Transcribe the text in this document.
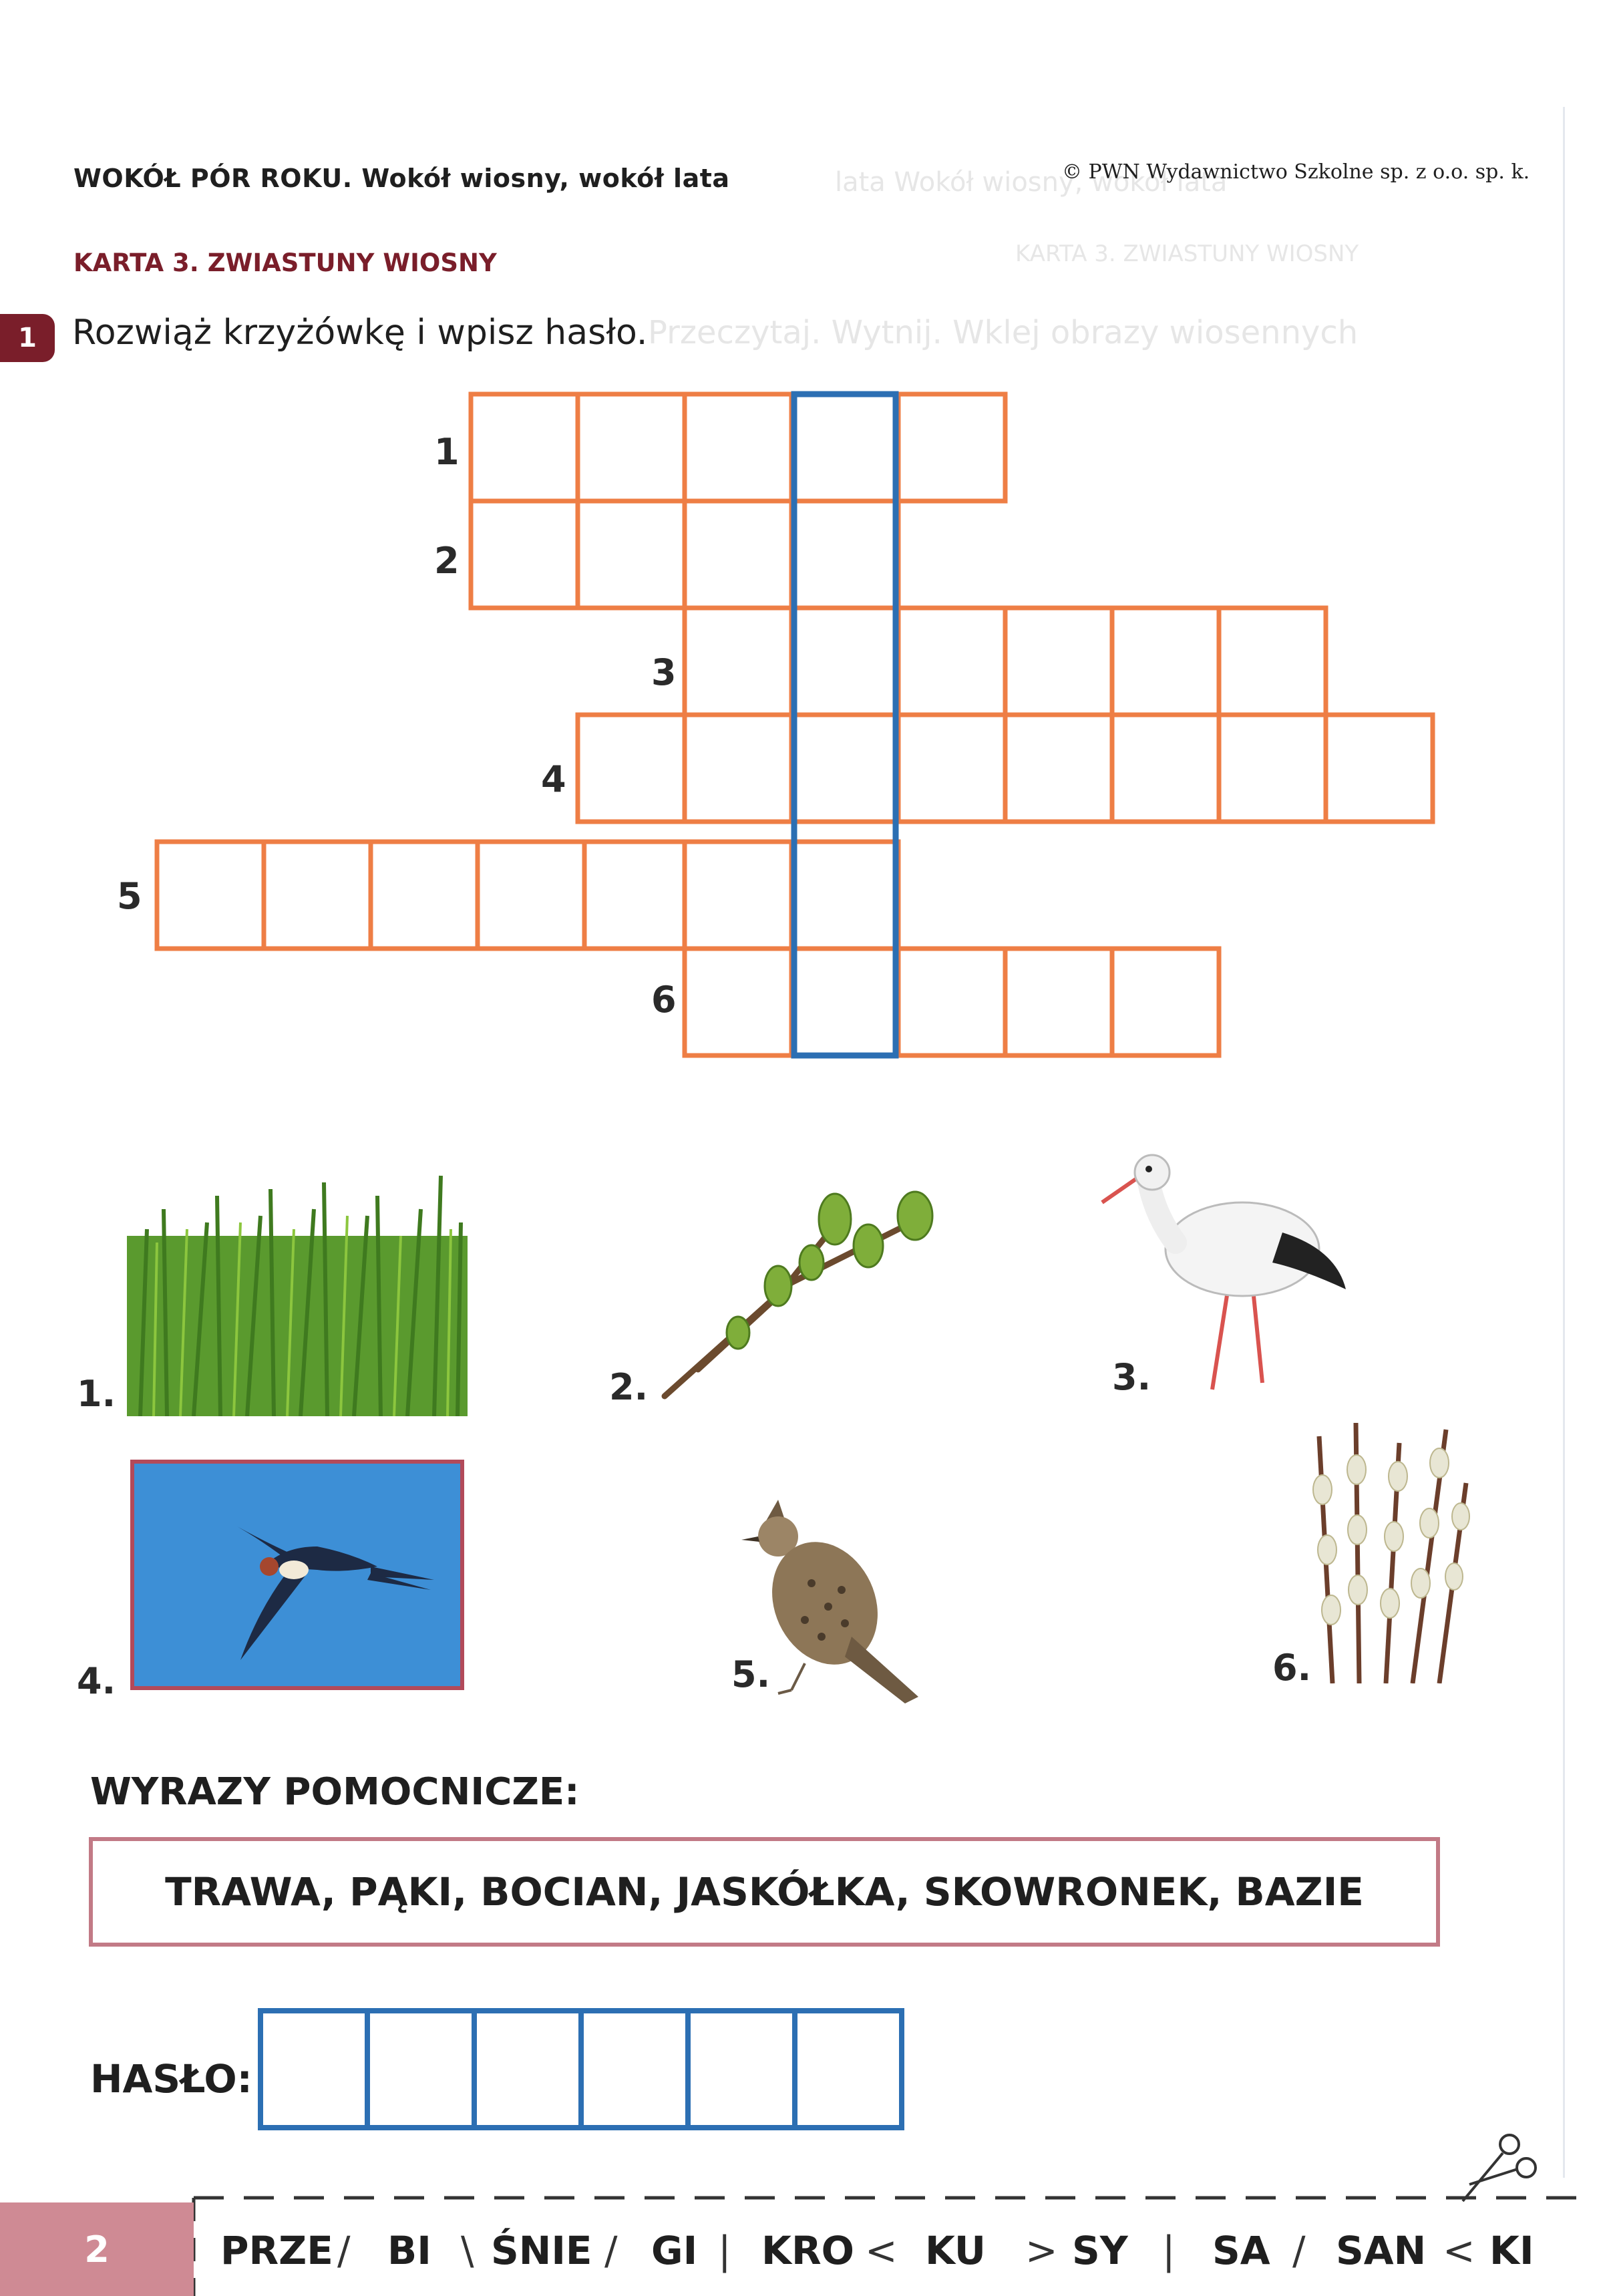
lata Wokół wiosny, wokół lata
KARTA 3. ZWIASTUNY WIOSNY
Przeczytaj. Wytnij. Wklej obrazy wiosennych
WOKÓŁ PÓR ROKU. Wokół wiosny, wokół lata	© PWN Wydawnictwo Szkolne sp. z o.o. sp. k.
KARTA 3. ZWIASTUNY WIOSNY
1	Rozwiąż krzyżówkę i wpisz hasło.
1
2
3
4
5
6
1.	2.	3.
4.	5.	6.
WYRAZY POMOCNICZE:
TRAWA, PĄKI, BOCIAN, JASKÓŁKA, SKOWRONEK, BAZIE
HASŁO:
2	PRZE / BI \ ŚNIE / GI | KRO < KU > SY | SA / SAN < KI
